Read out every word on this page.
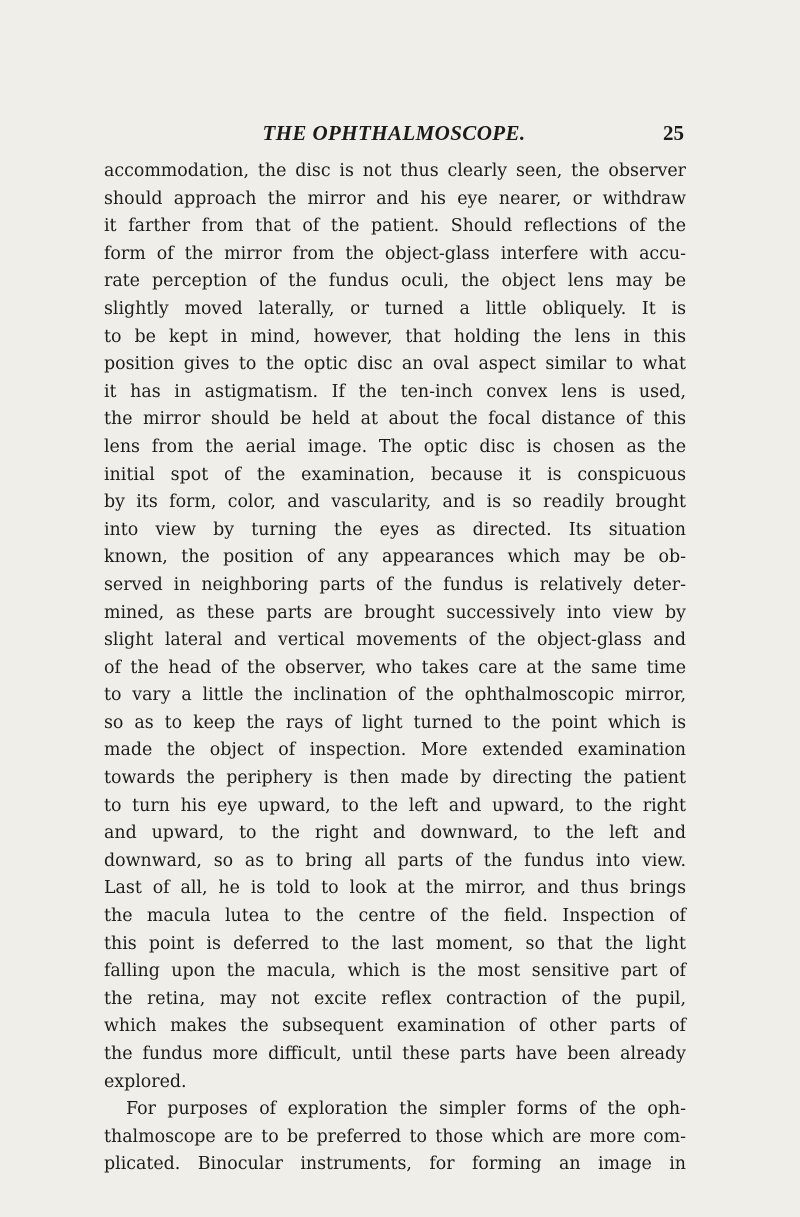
THE OPHTHALMOSCOPE.	25
accommodation, the disc is not thus clearly seen, the observer
should approach the mirror and his eye nearer, or withdraw
it farther from that of the patient. Should reflections of the
form of the mirror from the object-glass interfere with accu-
rate perception of the fundus oculi, the object lens may be
slightly moved laterally, or turned a little obliquely. It is
to be kept in mind, however, that holding the lens in this
position gives to the optic disc an oval aspect similar to what
it has in astigmatism. If the ten-inch convex lens is used,
the mirror should be held at about the focal distance of this
lens from the aerial image. The optic disc is chosen as the
initial spot of the examination, because it is conspicuous
by its form, color, and vascularity, and is so readily brought
into view by turning the eyes as directed. Its situation
known, the position of any appearances which may be ob-
served in neighboring parts of the fundus is relatively deter-
mined, as these parts are brought successively into view by
slight lateral and vertical movements of the object-glass and
of the head of the observer, who takes care at the same time
to vary a little the inclination of the ophthalmoscopic mirror,
so as to keep the rays of light turned to the point which is
made the object of inspection. More extended examination
towards the periphery is then made by directing the patient
to turn his eye upward, to the left and upward, to the right
and upward, to the right and downward, to the left and
downward, so as to bring all parts of the fundus into view.
Last of all, he is told to look at the mirror, and thus brings
the macula lutea to the centre of the field. Inspection of
this point is deferred to the last moment, so that the light
falling upon the macula, which is the most sensitive part of
the retina, may not excite reflex contraction of the pupil,
which makes the subsequent examination of other parts of
the fundus more difficult, until these parts have been already
explored.
For purposes of exploration the simpler forms of the oph-
thalmoscope are to be preferred to those which are more com-
plicated. Binocular instruments, for forming an image in
